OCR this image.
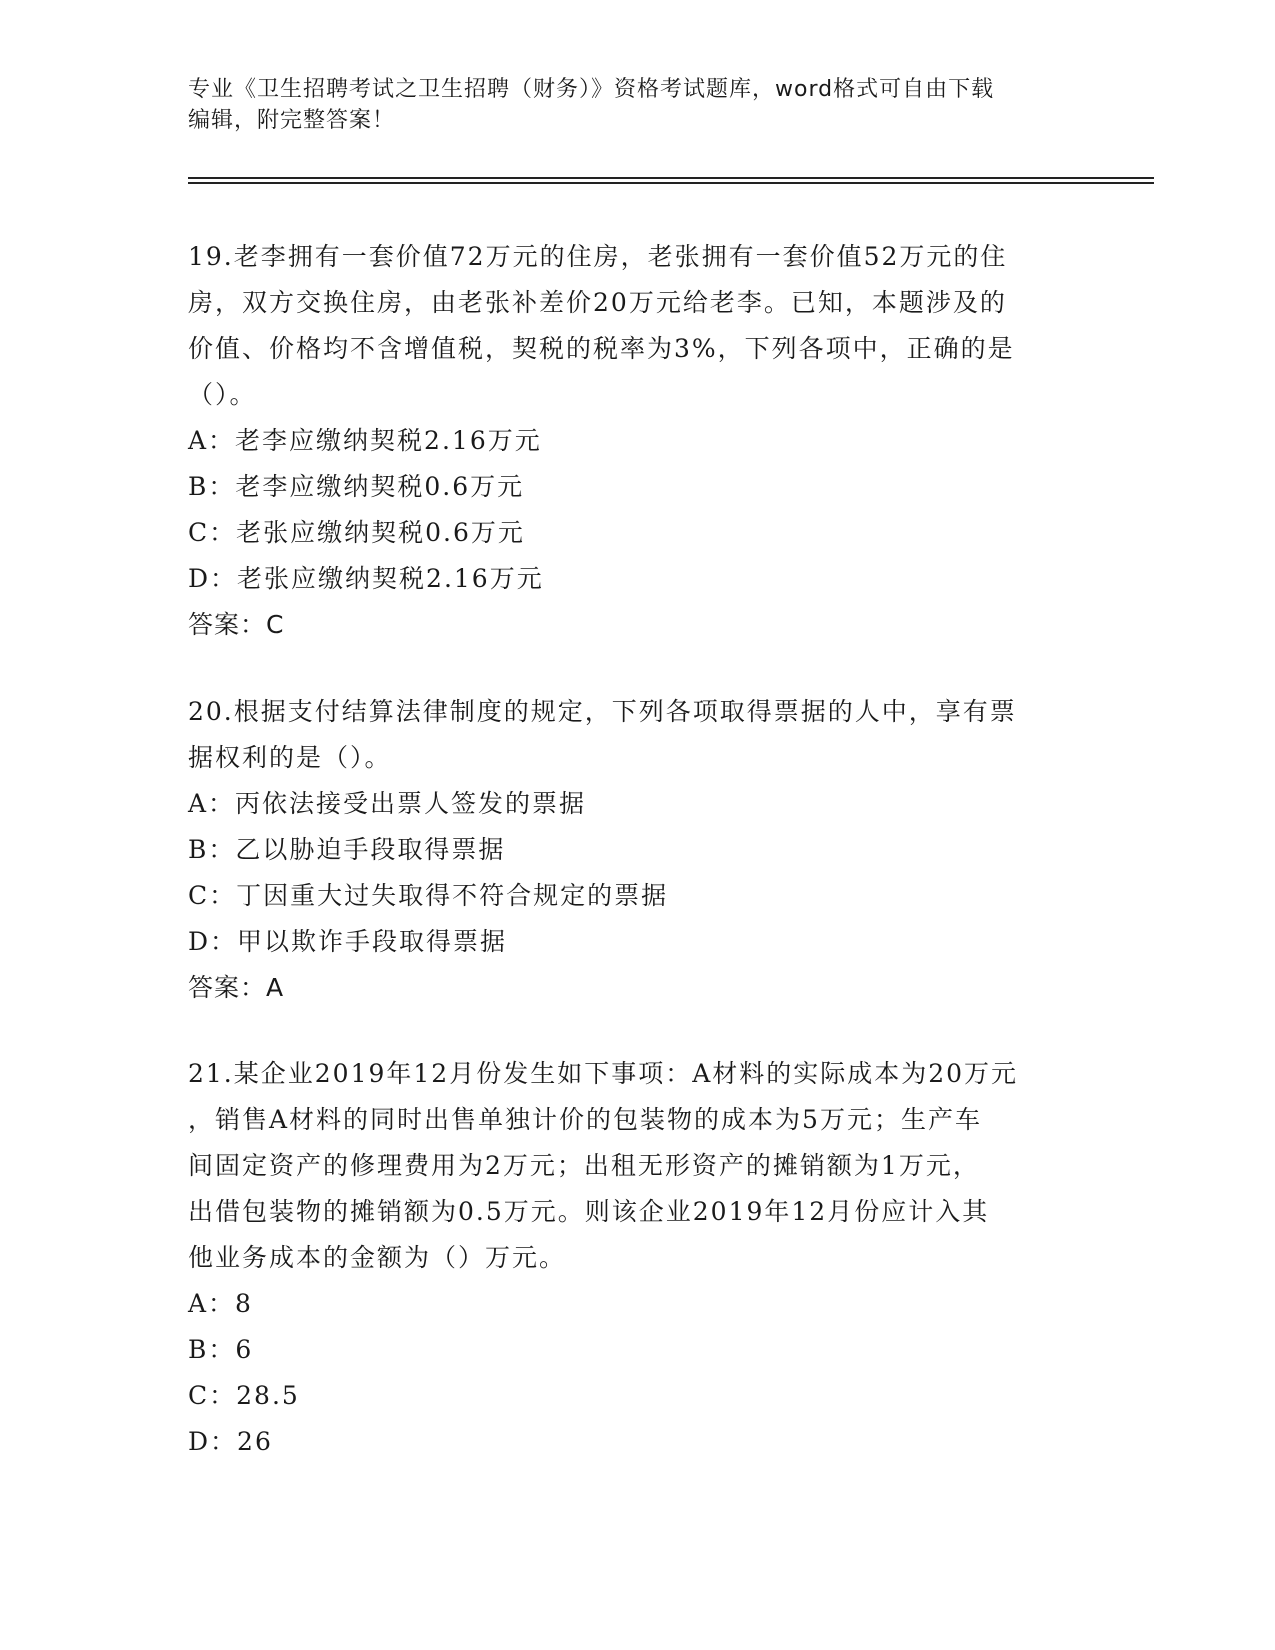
专业《卫生招聘考试之卫生招聘（财务）》资格考试题库，word格式可自由下载
编辑，附完整答案！

19.老李拥有一套价值72万元的住房，老张拥有一套价值52万元的住

房，双方交换住房，由老张补差价20万元给老李。已知，本题涉及的

价值、价格均不含增值税，契税的税率为3%，下列各项中，正确的是

（）。

A：老李应缴纳契税2.16万元

B：老李应缴纳契税0.6万元

C：老张应缴纳契税0.6万元

D：老张应缴纳契税2.16万元

答案：C

20.根据支付结算法律制度的规定，下列各项取得票据的人中，享有票

据权利的是（）。

A：丙依法接受出票人签发的票据

B：乙以胁迫手段取得票据

C：丁因重大过失取得不符合规定的票据

D：甲以欺诈手段取得票据

答案：A

21.某企业2019年12月份发生如下事项：A材料的实际成本为20万元

，销售A材料的同时出售单独计价的包装物的成本为5万元；生产车

间固定资产的修理费用为2万元；出租无形资产的摊销额为1万元，

出借包装物的摊销额为0.5万元。则该企业2019年12月份应计入其

他业务成本的金额为（）万元。

A：8

B：6

C：28.5

D：26
